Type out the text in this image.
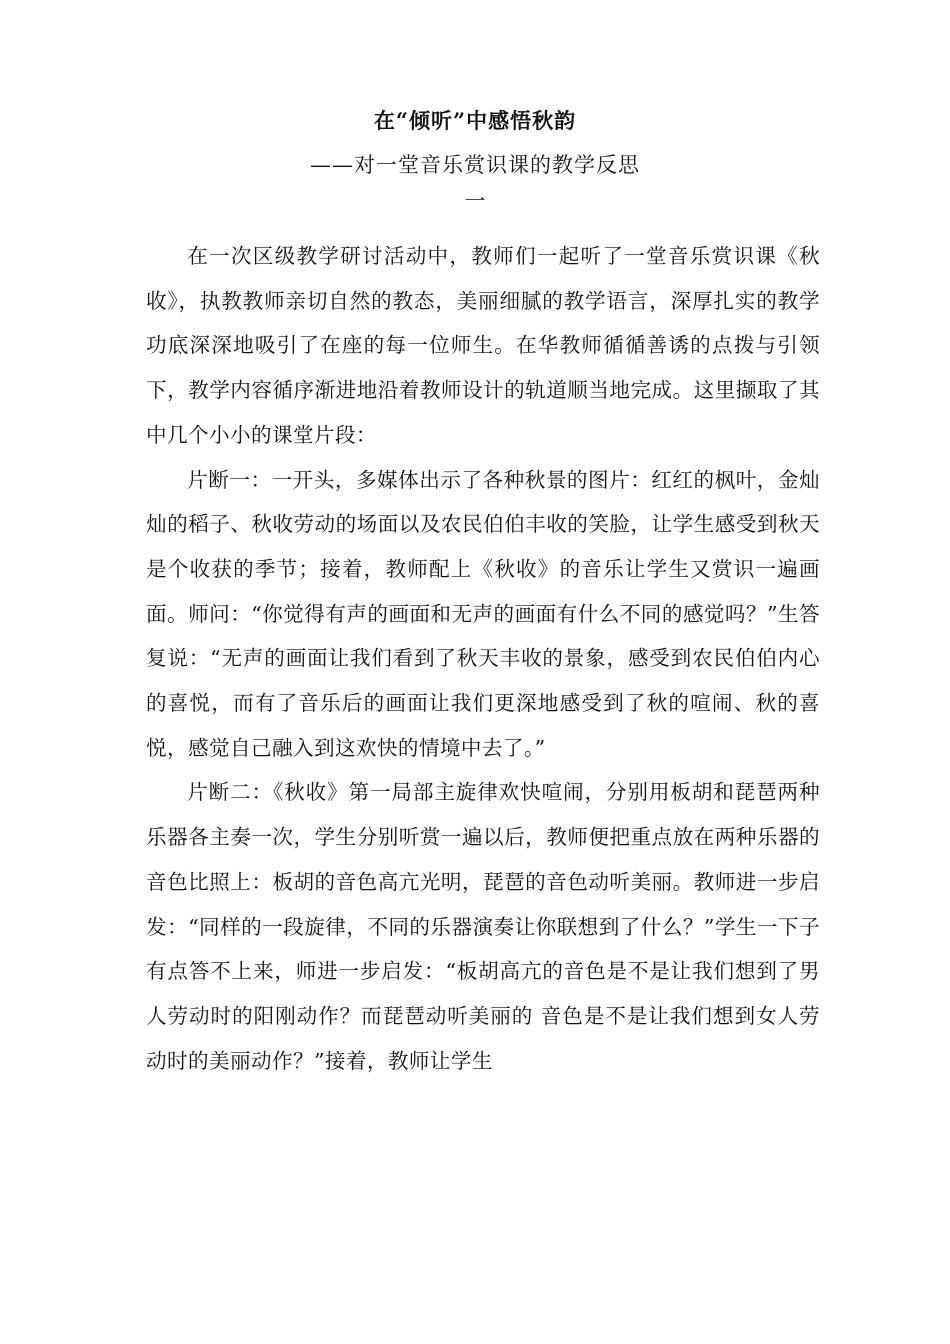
在“倾听”中感悟秋韵
——对一堂音乐赏识课的教学反思
一

在一次区级教学研讨活动中，教师们一起听了一堂音乐赏识课《秋收》，执教教师亲切自然的教态，美丽细腻的教学语言，深厚扎实的教学功底深深地吸引了在座的每一位师生。在华教师循循善诱的点拨与引领下，教学内容循序渐进地沿着教师设计的轨道顺当地完成。这里撷取了其中几个小小的课堂片段：

片断一：一开头，多媒体出示了各种秋景的图片：红红的枫叶，金灿灿的稻子、秋收劳动的场面以及农民伯伯丰收的笑脸，让学生感受到秋天是个收获的季节；接着，教师配上《秋收》的音乐让学生又赏识一遍画面。师问：“你觉得有声的画面和无声的画面有什么不同的感觉吗？”生答复说：“无声的画面让我们看到了秋天丰收的景象，感受到农民伯伯内心的喜悦，而有了音乐后的画面让我们更深地感受到了秋的喧闹、秋的喜悦，感觉自己融入到这欢快的情境中去了。”

片断二：《秋收》第一局部主旋律欢快喧闹，分别用板胡和琵琶两种乐器各主奏一次，学生分别听赏一遍以后，教师便把重点放在两种乐器的音色比照上：板胡的音色高亢光明，琵琶的音色动听美丽。教师进一步启发：“同样的一段旋律，不同的乐器演奏让你联想到了什么？”学生一下子有点答不上来，师进一步启发：“板胡高亢的音色是不是让我们想到了男人劳动时的阳刚动作？而琵琶动听美丽的 音色是不是让我们想到女人劳动时的美丽动作？”接着，教师让学生
